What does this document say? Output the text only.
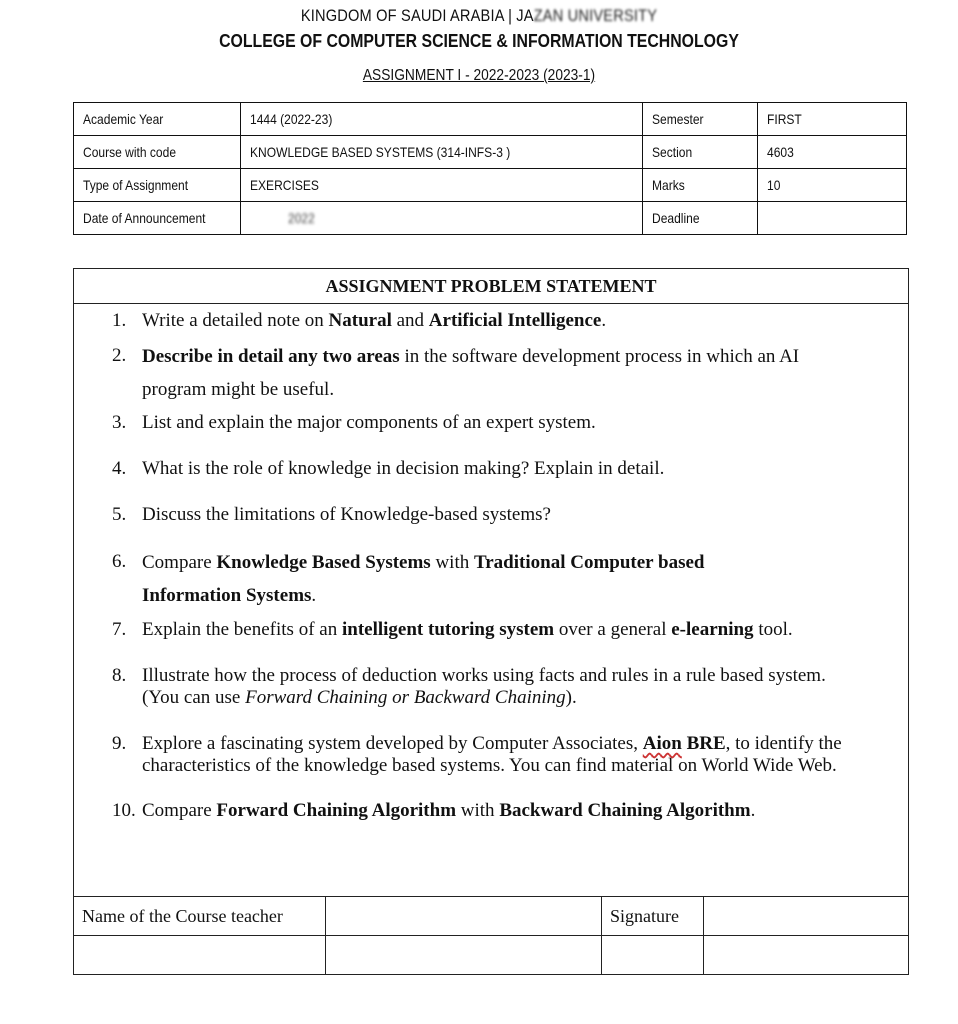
KINGDOM OF SAUDI ARABIA | JAZAN UNIVERSITY
COLLEGE OF COMPUTER SCIENCE & INFORMATION TECHNOLOGY
ASSIGNMENT I - 2022-2023 (2023-1)
Academic Year	1444 (2022-23)	Semester	FIRST
Course with code	KNOWLEDGE BASED SYSTEMS (314-INFS-3 )	Section	4603
Type of Assignment	EXERCISES	Marks	10
Date of Announcement	2022	Deadline	
ASSIGNMENT PROBLEM STATEMENT
1. Write a detailed note on Natural and Artificial Intelligence.
2. Describe in detail any two areas in the software development process in which an AI
program might be useful.
3. List and explain the major components of an expert system.
4. What is the role of knowledge in decision making? Explain in detail.
5. Discuss the limitations of Knowledge-based systems?
6. Compare Knowledge Based Systems with Traditional Computer based
Information Systems.
7. Explain the benefits of an intelligent tutoring system over a general e-learning tool.
8. Illustrate how the process of deduction works using facts and rules in a rule based system.
(You can use Forward Chaining or Backward Chaining).
9. Explore a fascinating system developed by Computer Associates, Aion BRE, to identify the
characteristics of the knowledge based systems. You can find material on World Wide Web.
10. Compare Forward Chaining Algorithm with Backward Chaining Algorithm.
Name of the Course teacher		Signature	
